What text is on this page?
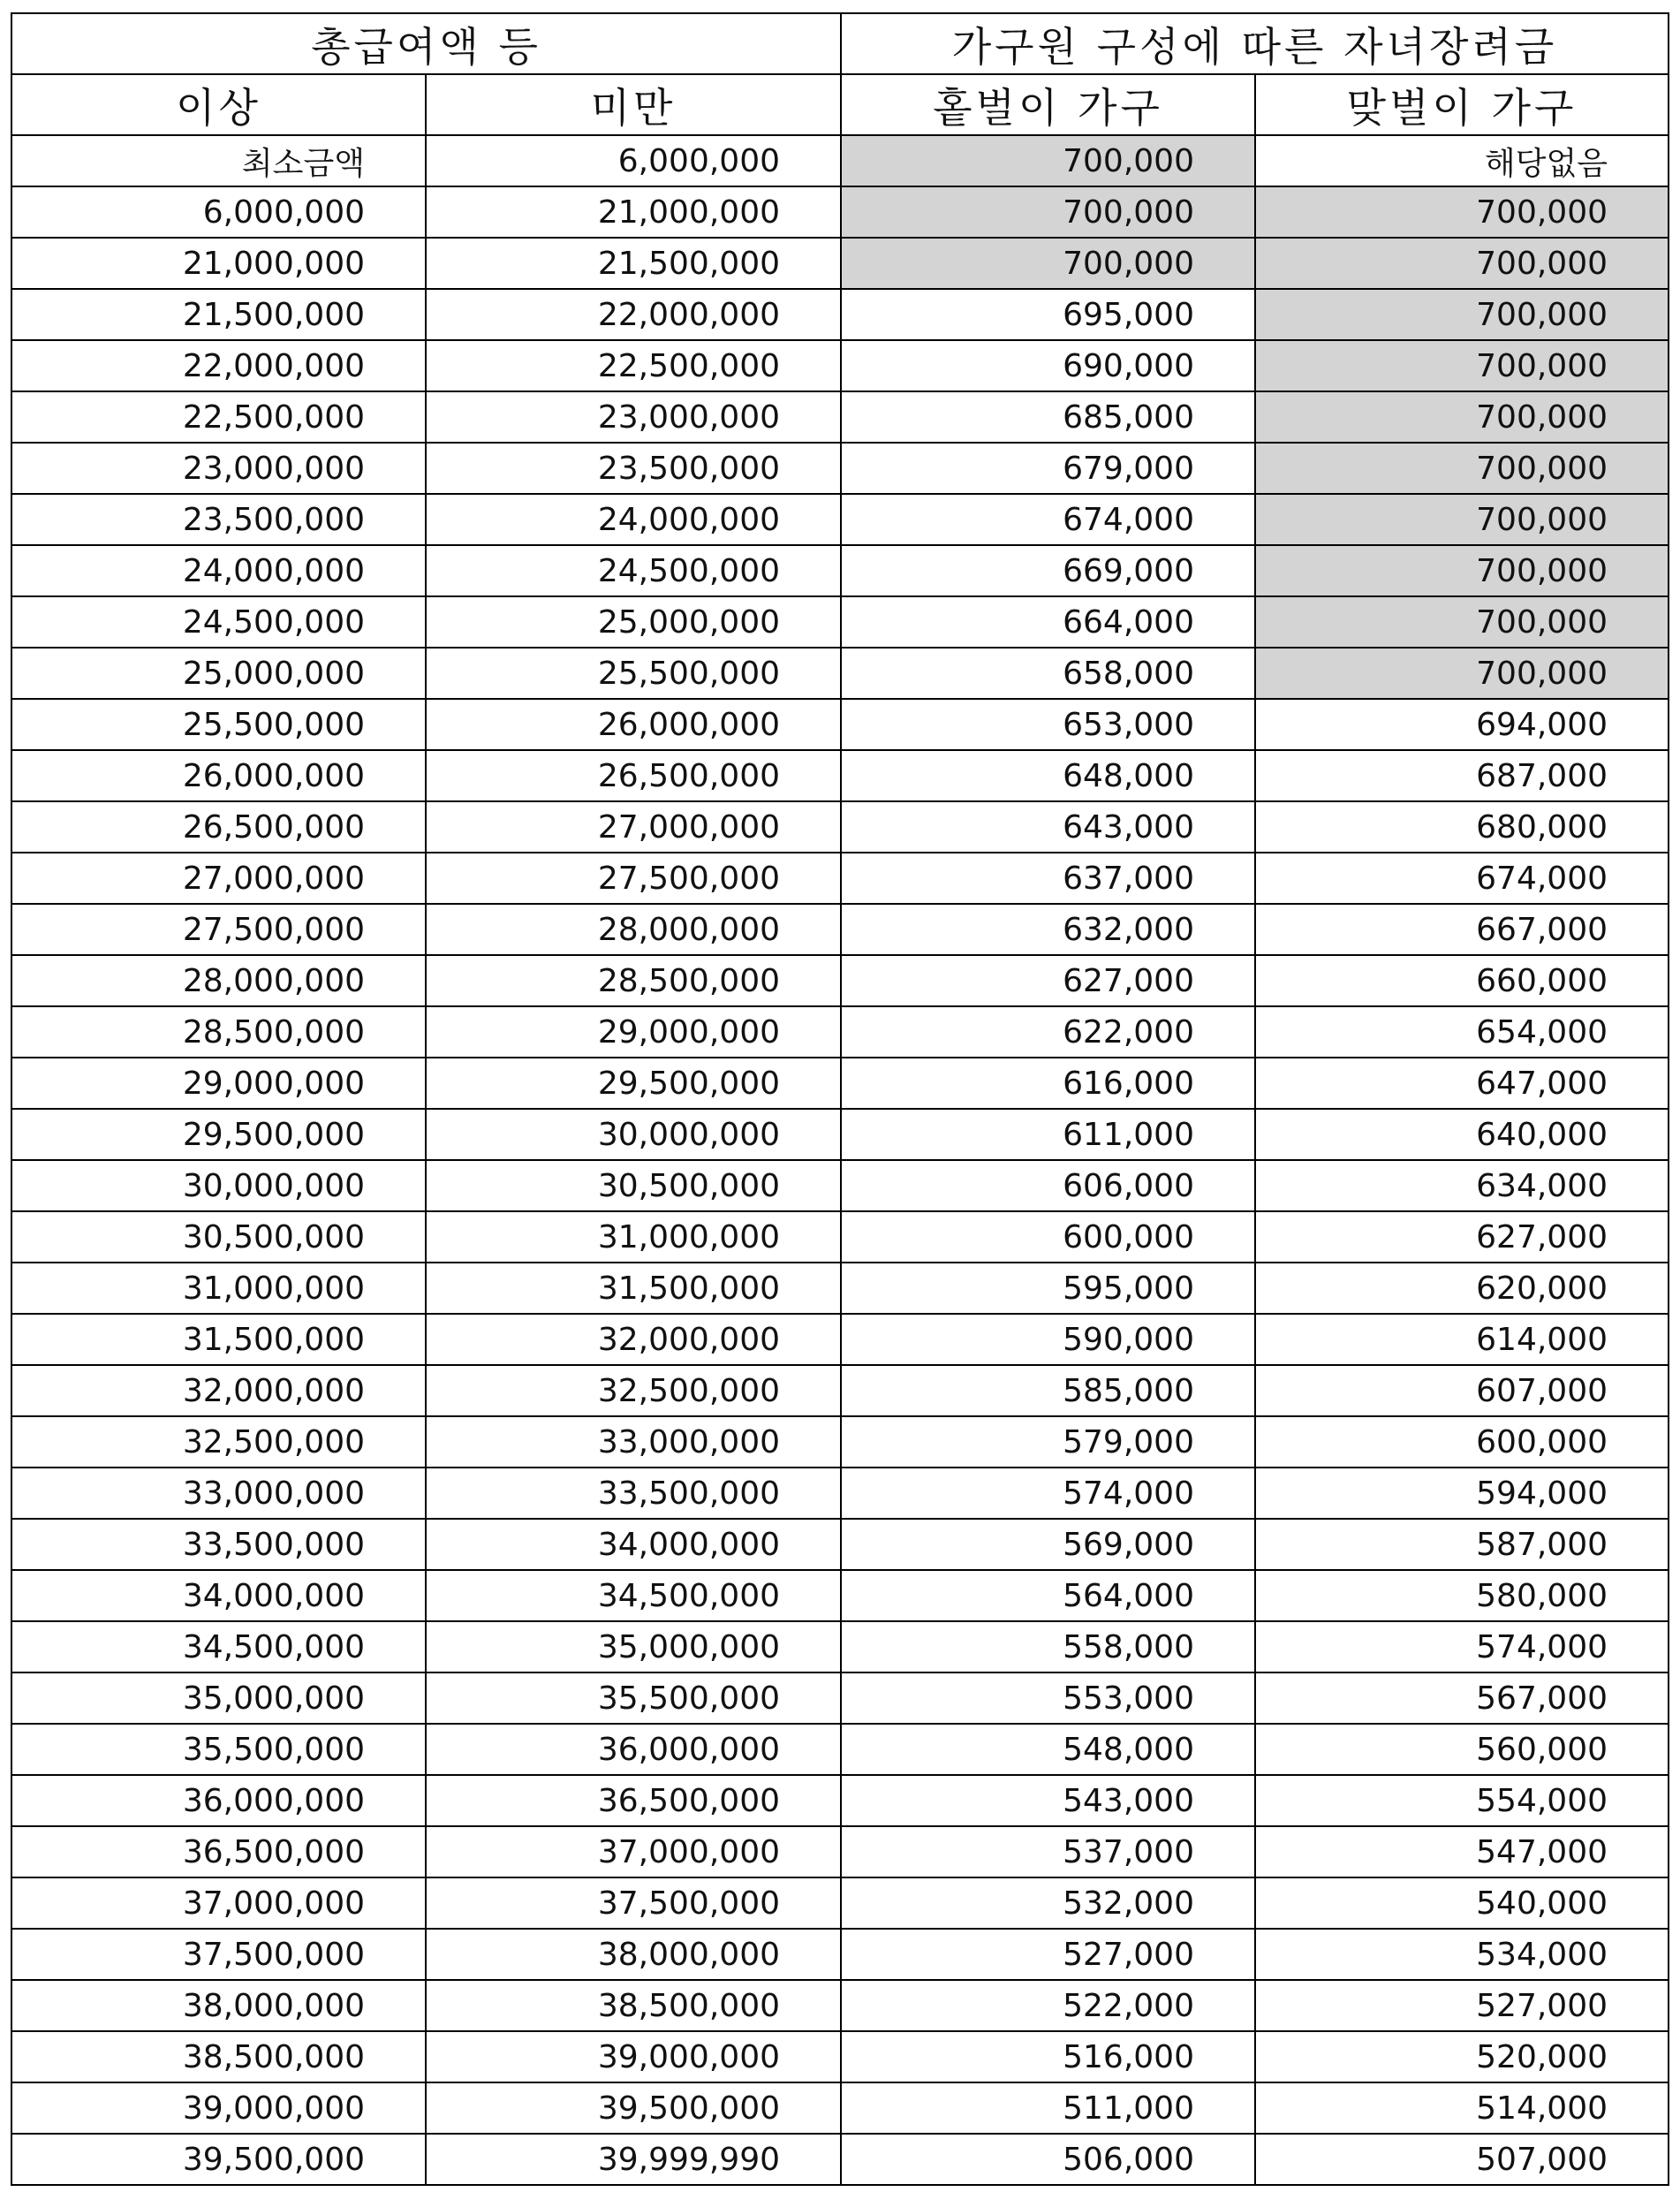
총급여액 등		가구원 구성에 따른 자녀장려금	
이상	미만	홑벌이 가구	맞벌이 가구
최소금액	6,000,000	700,000	해당없음
6,000,000	21,000,000	700,000	700,000
21,000,000	21,500,000	700,000	700,000
21,500,000	22,000,000	695,000	700,000
22,000,000	22,500,000	690,000	700,000
22,500,000	23,000,000	685,000	700,000
23,000,000	23,500,000	679,000	700,000
23,500,000	24,000,000	674,000	700,000
24,000,000	24,500,000	669,000	700,000
24,500,000	25,000,000	664,000	700,000
25,000,000	25,500,000	658,000	700,000
25,500,000	26,000,000	653,000	694,000
26,000,000	26,500,000	648,000	687,000
26,500,000	27,000,000	643,000	680,000
27,000,000	27,500,000	637,000	674,000
27,500,000	28,000,000	632,000	667,000
28,000,000	28,500,000	627,000	660,000
28,500,000	29,000,000	622,000	654,000
29,000,000	29,500,000	616,000	647,000
29,500,000	30,000,000	611,000	640,000
30,000,000	30,500,000	606,000	634,000
30,500,000	31,000,000	600,000	627,000
31,000,000	31,500,000	595,000	620,000
31,500,000	32,000,000	590,000	614,000
32,000,000	32,500,000	585,000	607,000
32,500,000	33,000,000	579,000	600,000
33,000,000	33,500,000	574,000	594,000
33,500,000	34,000,000	569,000	587,000
34,000,000	34,500,000	564,000	580,000
34,500,000	35,000,000	558,000	574,000
35,000,000	35,500,000	553,000	567,000
35,500,000	36,000,000	548,000	560,000
36,000,000	36,500,000	543,000	554,000
36,500,000	37,000,000	537,000	547,000
37,000,000	37,500,000	532,000	540,000
37,500,000	38,000,000	527,000	534,000
38,000,000	38,500,000	522,000	527,000
38,500,000	39,000,000	516,000	520,000
39,000,000	39,500,000	511,000	514,000
39,500,000	39,999,990	506,000	507,000
